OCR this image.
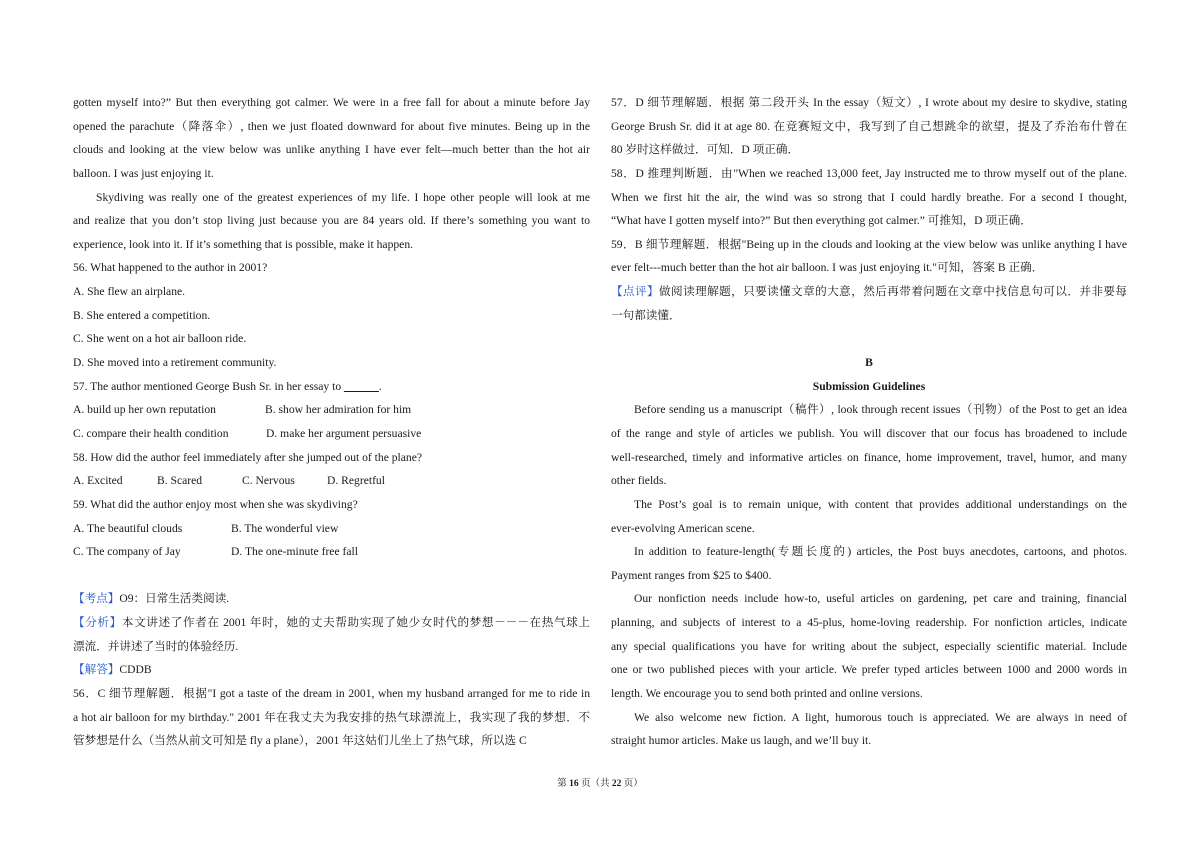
gotten myself into?” But then everything got calmer. We were in a free fall for about a minute before Jay
opened the parachute（降落伞）, then we just floated downward for about five minutes. Being up in the
clouds and looking at the view below was unlike anything I have ever felt—much better than the hot air
balloon. I was just enjoying it.
Skydiving was really one of the greatest experiences of my life. I hope other people will look at me
and realize that you don’t stop living just because you are 84 years old. If there’s something you want to
experience, look into it. If it’s something that is possible, make it happen.
56. What happened to the author in 2001?
A. She flew an airplane.
B. She entered a competition.
C. She went on a hot air balloon ride.
D. She moved into a retirement community.
57. The author mentioned George Bush Sr. in her essay to ______.
A. build up her own reputation	B. show her admiration for him
C. compare their health condition	D. make her argument persuasive
58. How did the author feel immediately after she jumped out of the plane?
A. Excited	B. Scared	C. Nervous	D. Regretful
59. What did the author enjoy most when she was skydiving?
A. The beautiful clouds	B. The wonderful view
C. The company of Jay	D. The one-minute free fall
【考点】O9：日常生活类阅读.
【分析】本文讲述了作者在 2001 年时，她的丈夫帮助实现了她少女时代的梦想－－－在热气球上
漂流．并讲述了当时的体验经历.
【解答】CDDB
56．C 细节理解题．根据"I got a taste of the dream in 2001, when my husband arranged for me to ride in
a hot air balloon for my birthday." 2001 年在我丈夫为我安排的热气球漂流上，我实现了我的梦想．不
管梦想是什么（当然从前文可知是 fly a plane），2001 年这姑们儿坐上了热气球，所以选 C
57．D 细节理解题．根据 第二段开头 In the essay（短文）, I wrote about my desire to skydive, stating
George Brush Sr. did it at age 80. 在竞赛短文中，我写到了自己想跳伞的欲望，提及了乔治布什曾在
80 岁时这样做过．可知．D 项正确．
58．D 推理判断题．由"When we reached 13,000 feet, Jay instructed me to throw myself out of the plane.
When we first hit the air, the wind was so strong that I could hardly breathe. For a second I thought,
“What have I gotten myself into?” But then everything got calmer.” 可推知，D 项正确．
59．B 细节理解题．根据"Being up in the clouds and looking at the view below was unlike anything I have
ever felt---much better than the hot air balloon. I was just enjoying it."可知，答案 B 正确．
【点评】做阅读理解题，只要读懂文章的大意，然后再带着问题在文章中找信息句可以．并非要每
一句都读懂．
B
Submission Guidelines
Before sending us a manuscript（稿件）, look through recent issues（刊物）of the Post to get an idea
of the range and style of articles we publish. You will discover that our focus has broadened to include
well-researched, timely and informative articles on finance, home improvement, travel, humor, and many
other fields.
The Post’s goal is to remain unique, with content that provides additional understandings on the
ever-evolving American scene.
In addition to feature-length(专题长度的) articles, the Post buys anecdotes, cartoons, and photos.
Payment ranges from $25 to $400.
Our nonfiction needs include how-to, useful articles on gardening, pet care and training, financial
planning, and subjects of interest to a 45-plus, home-loving readership. For nonfiction articles, indicate
any special qualifications you have for writing about the subject, especially scientific material. Include
one or two published pieces with your article. We prefer typed articles between 1000 and 2000 words in
length. We encourage you to send both printed and online versions.
We also welcome new fiction. A light, humorous touch is appreciated. We are always in need of
straight humor articles. Make us laugh, and we’ll buy it.
第 16 页（共 22 页）
